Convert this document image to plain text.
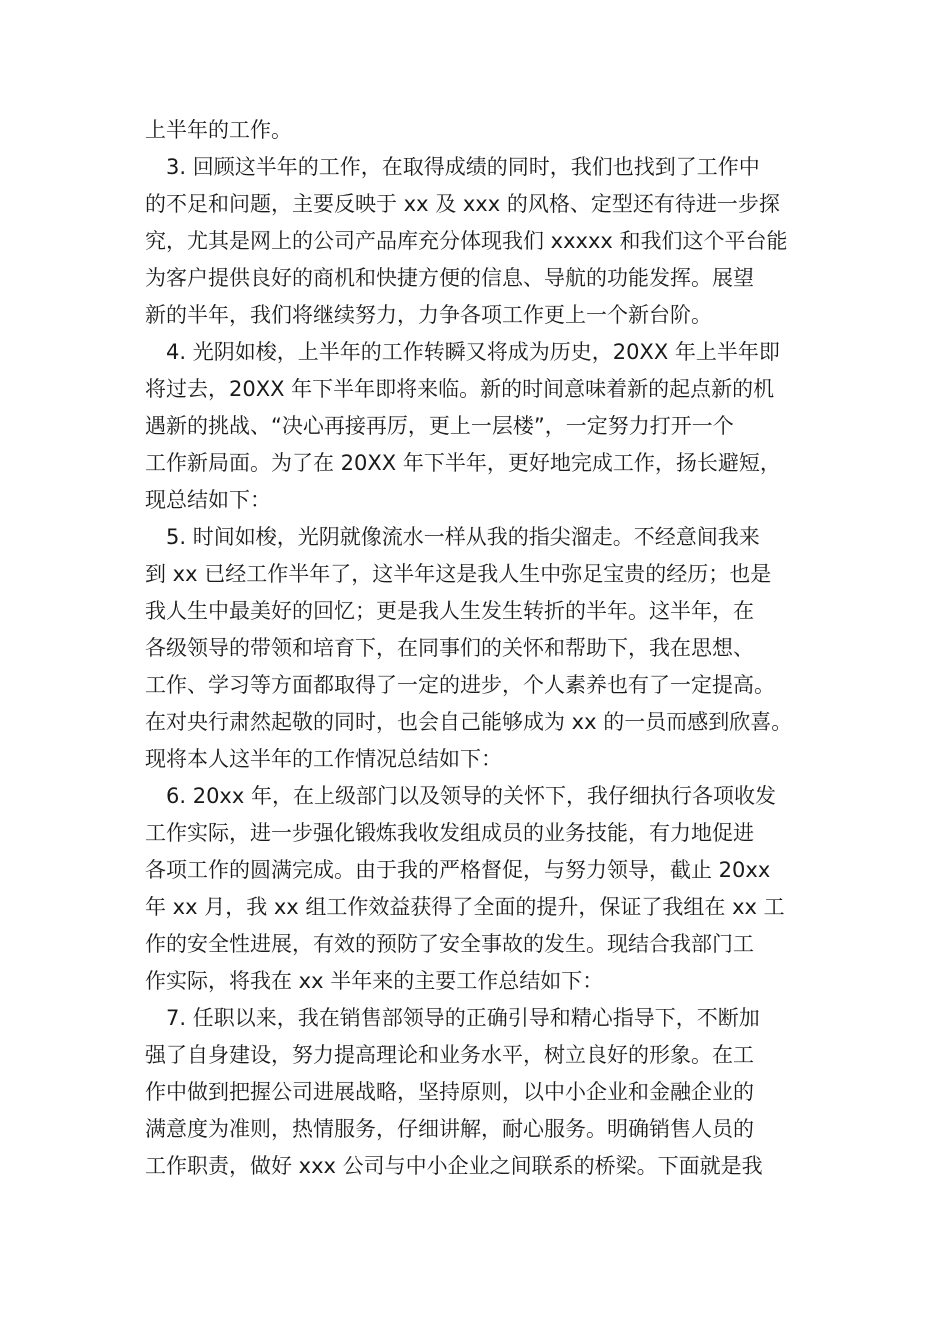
上半年的工作。
3. 回顾这半年的工作，在取得成绩的同时，我们也找到了工作中
的不足和问题，主要反映于 xx 及 xxx 的风格、定型还有待进一步探
究，尤其是网上的公司产品库充分体现我们 xxxxx 和我们这个平台能
为客户提供良好的商机和快捷方便的信息、导航的功能发挥。展望
新的半年，我们将继续努力，力争各项工作更上一个新台阶。
4. 光阴如梭，上半年的工作转瞬又将成为历史，20XX 年上半年即
将过去，20XX 年下半年即将来临。新的时间意味着新的起点新的机
遇新的挑战、“决心再接再厉，更上一层楼”，一定努力打开一个
工作新局面。为了在 20XX 年下半年，更好地完成工作，扬长避短，
现总结如下：
5. 时间如梭，光阴就像流水一样从我的指尖溜走。不经意间我来
到 xx 已经工作半年了，这半年这是我人生中弥足宝贵的经历；也是
我人生中最美好的回忆；更是我人生发生转折的半年。这半年，在
各级领导的带领和培育下，在同事们的关怀和帮助下，我在思想、
工作、学习等方面都取得了一定的进步，个人素养也有了一定提高。
在对央行肃然起敬的同时，也会自己能够成为 xx 的一员而感到欣喜。
现将本人这半年的工作情况总结如下：
6. 20xx 年，在上级部门以及领导的关怀下，我仔细执行各项收发
工作实际，进一步强化锻炼我收发组成员的业务技能，有力地促进
各项工作的圆满完成。由于我的严格督促，与努力领导，截止 20xx
年 xx 月，我 xx 组工作效益获得了全面的提升，保证了我组在 xx 工
作的安全性进展，有效的预防了安全事故的发生。现结合我部门工
作实际，将我在 xx 半年来的主要工作总结如下：
7. 任职以来，我在销售部领导的正确引导和精心指导下，不断加
强了自身建设，努力提高理论和业务水平，树立良好的形象。在工
作中做到把握公司进展战略，坚持原则，以中小企业和金融企业的
满意度为准则，热情服务，仔细讲解，耐心服务。明确销售人员的
工作职责，做好 xxx 公司与中小企业之间联系的桥梁。下面就是我
